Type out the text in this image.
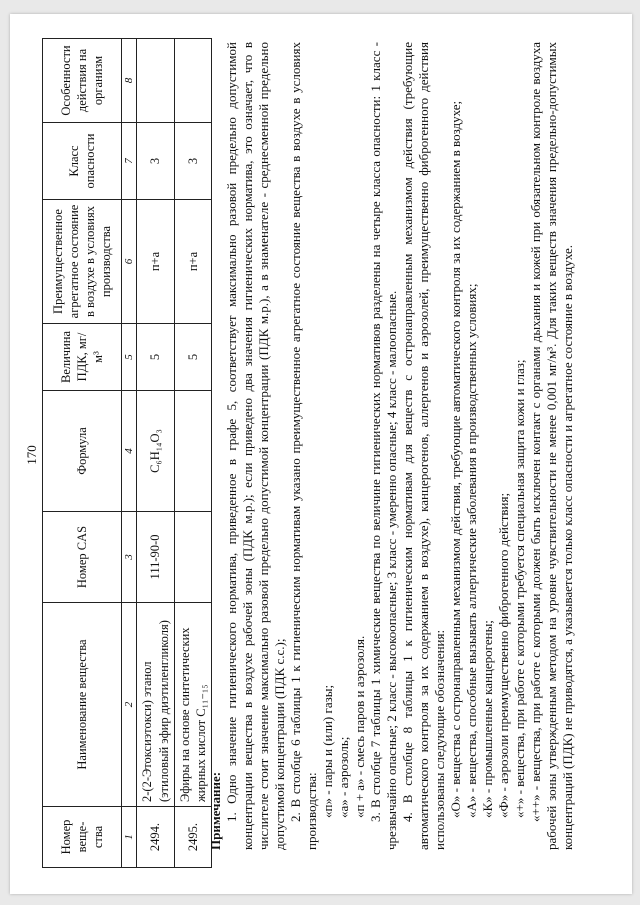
170
Номер веще-ства	Наименование вещества	Номер CAS	Формула	Величина ПДК, мг/м³	Преимущественное агрегатное состояние в воздухе в условиях производства	Класс опасности	Особенности действия на организм
1	2	3	4	5	6	7	8
2494.	2-(2-Этоксиэтокси) этанол (этиловый эфир диэтиленгликоля)	111-90-0	C₆H₁₄O₃	5	п+а	3	
2495.	Эфиры на основе синтетических жирных кислот C₁₁₋₁₅			5	п+а	3	

Примечание: 1. Одно значение гигиенического норматива, приведенное в графе 5, соответствует максимально разовой предельно допустимой концентрации вещества в воздухе рабочей зоны (ПДК м.р.); если приведено два значения гигиенических норматива, это означает, что в числителе стоит значение максимально разовой предельно допустимой концентрации (ПДК м.р.), а в знаменателе - среднесменной предельно допустимой концентрации (ПДК с.с.); 2. В столбце 6 таблицы 1 к гигиеническим нормативам указано преимущественное агрегатное состояние вещества в воздухе в условиях производства: «п» - пары и (или) газы; «а» - аэрозоль; «п + а» - смесь паров и аэрозоля. 3. В столбце 7 таблицы 1 химические вещества по величине гигиенических нормативов разделены на четыре класса опасности: 1 класс - чрезвычайно опасные; 2 класс - высокоопасные; 3 класс - умеренно опасные; 4 класс - малоопасные. 4. В столбце 8 таблицы 1 к гигиеническим нормативам для веществ с остронаправленным механизмом действия (требующие автоматического контроля за их содержанием в воздухе), канцерогенов, аллергенов и аэрозолей, преимущественно фиброгенного действия использованы следующие обозначения: «О» - вещества с остронаправленным механизмом действия, требующие автоматического контроля за их содержанием в воздухе; «А» - вещества, способные вызывать аллергические заболевания в производственных условиях; «К» - промышленные канцерогены; «Ф» - аэрозоли преимущественно фиброгенного действия; «+» - вещества, при работе с которыми требуется специальная защита кожи и глаз; «++» - вещества, при работе с которыми должен быть исключен контакт с органами дыхания и кожей при обязательном контроле воздуха рабочей зоны утвержденным методом на уровне чувствительности не менее 0,001 мг/м³. Для таких веществ значения предельно-допустимых концентраций (ПДК) не приводятся, а указывается только класс опасности и агрегатное состояние в воздухе.
